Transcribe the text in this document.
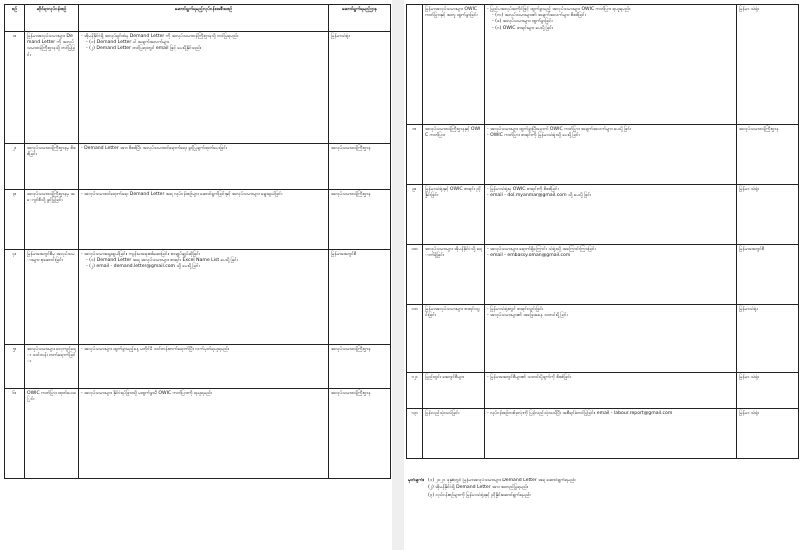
စဉ်	ဆိုင်ရာလုပ်ငန်းစဉ်	ဆောင်ရွက်ရမည့်လုပ်ငန်းအစီအစဉ်	ဆောင်ရွက်ရမည့်ဌာန
၁။	မြန်မာအလုပ်သမားများ Demand Letter ကို အလုပ်သမားဝန်ကြီးဌာနသို့ တင်ပြခြင်း	- အိုမန်နိုင်ငံရှိ အလုပ်ရှင်ထံမှ Demand Letter ကို အလုပ်သမားဝန်ကြီးဌာနသို့ တင်ပြရမည်။
- (၁) Demand Letter ပါ အချက်အလက်များ
- (၂) Demand Letter တင်ပြရာတွင် email ဖြင့် ပေးပို့နိုင်သည်။	မြန်မာသံရုံး
၂။	အလုပ်သမားဝန်ကြီးဌာနမှ စိစစ်ခြင်း	- Demand Letter အား စိစစ်ပြီး အလုပ်သမားဝင်ရောက်ရေး ခွင့်ပြုချက်ထုတ်ပေးခြင်း	အလုပ်သမားဝန်ကြီးဌာန
၃။	အလုပ်သမားဝန်ကြီးဌာနမှ အေဂျင်စီသို့ ခွင့်ပြုခြင်း	- အလုပ်သမားဝင်ရောက်ရေး Demand Letter အရ လုပ်ငန်းစဉ်များ ဆောင်ရွက်ခြင်းနှင့် အလုပ်သမားများ ရွေးချယ်ခြင်း	အလုပ်သမားဝန်ကြီးဌာန
၄။	မြန်မာအေဂျင်စီမှ အလုပ်သမားများ စုဆောင်းခြင်း	- အလုပ်သမားရွေးချယ်ခြင်း၊ ကျန်းမာရေးစစ်ဆေးခြင်း၊ စာချုပ်ချုပ်ဆိုခြင်း
- (၁) Demand Letter အရ အလုပ်သမားများ စာရင်း Excel Name List ပေးပို့ခြင်း
- (၂) email - demand.letter@gmail.com သို့ ပေးပို့ခြင်း	မြန်မာအေဂျင်စီ
၅။	အလုပ်သမားများ လေ့ကျင့်ရေး သင်တန်း တက်ရောက်ခြင်း	- အလုပ်သမားများ ထွက်ခွာမည့်နေ့ မတိုင်မီ သင်တန်းတက်ရောက်ပြီး လက်မှတ်ရယူရမည်။	အလုပ်သမားဝန်ကြီးဌာန
၆။	OWIC ကတ်ပြား ထုတ်ပေးခြင်း	- အလုပ်သမားများ နိုင်ငံရပ်ခြားသို့ မထွက်ခွာမီ OWIC ကတ်ပြားကို ရယူရမည်။	အလုပ်သမားဝန်ကြီးဌာန
	မြန်မာအလုပ်သမားများ OWIC ကတ်ပြားနှင့် အတူ ထွက်ခွာခြင်း	- ပြည်ပအလုပ်အကိုင်ဖြင့် ထွက်ခွာမည့် အလုပ်သမားများ OWIC ကတ်ပြား ရယူရမည်။
- (က) အလုပ်သမားများ၏ အချက်အလက်များ စိစစ်ခြင်း
- (ခ) အလုပ်သမားများ ထွက်ခွာခြင်း
- (ဂ) OWIC စာရင်းများ ပေးပို့ခြင်း	မြန်မာ သံရုံး
၈။	အလုပ်သမားဝန်ကြီးဌာနနှင့် OWIC ကတ်ပြား	- အလုပ်သမားများ ထွက်ခွာပြီးနောက် OWIC ကတ်ပြား အချက်အလက်များ ပေးပို့ခြင်း
- OWIC ကတ်ပြား စာရင်းကို မြန်မာသံရုံးသို့ ပေးပို့ခြင်း	အလုပ်သမားဝန်ကြီးဌာန
၉။	မြန်မာသံရုံးနှင့် OWIC စာရင်း ညှိနှိုင်းခြင်း	- မြန်မာသံရုံးမှ OWIC စာရင်းကို စိစစ်ခြင်း
- email - dol.myanmar@gmail.com သို့ ပေးပို့ခြင်း	မြန်မာ သံရုံး
၁၀။	အလုပ်သမားများ အိုမန်နိုင်ငံသို့ ရောက်ရှိခြင်း	- အလုပ်သမားများ ရောက်ရှိကြောင်း သံရုံးသို့ အကြောင်းကြားခြင်း
- email - embassy.oman@gmail.com	မြန်မာအေဂျင်စီ
၁၁။	မြန်မာအလုပ်သမားများ စာရင်းသွင်းခြင်း	- မြန်မာသံရုံးတွင် စာရင်းသွင်းခြင်း
- အလုပ်သမားများ၏ အခြေအနေ သတင်းပို့ခြင်း	မြန်မာသံရုံး
၁၂။	ပြည်တွင်း အေဂျင်စီများ	- မြန်မာအေဂျင်စီများ၏ သတင်းပို့ချက်ကို စိစစ်ခြင်း	မြန်မာ သံရုံး
၁၃။	ပြန်လည်သုံးသပ်ခြင်း	- လုပ်ငန်းစဉ်တစ်ခုလုံးကို ပြန်လည်သုံးသပ်ပြီး အစီရင်ခံတင်ပြခြင်း၊ email - labour.report@gmail.com	မြန်မာ သံရုံး
မှတ်ချက်။ (၁) ၂၀၂၁ ခုနှစ်တွင် မြန်မာအလုပ်သမားများ Demand Letter အရ ဆောင်ရွက်ရမည်။
(၂) အိုမန်နိုင်ငံရှိ Demand Letter အား အတည်ပြုရမည်။
(၃) လုပ်ငန်းစဉ်များကို မြန်မာသံရုံးနှင့် ညှိနှိုင်းဆောင်ရွက်ရမည်။
